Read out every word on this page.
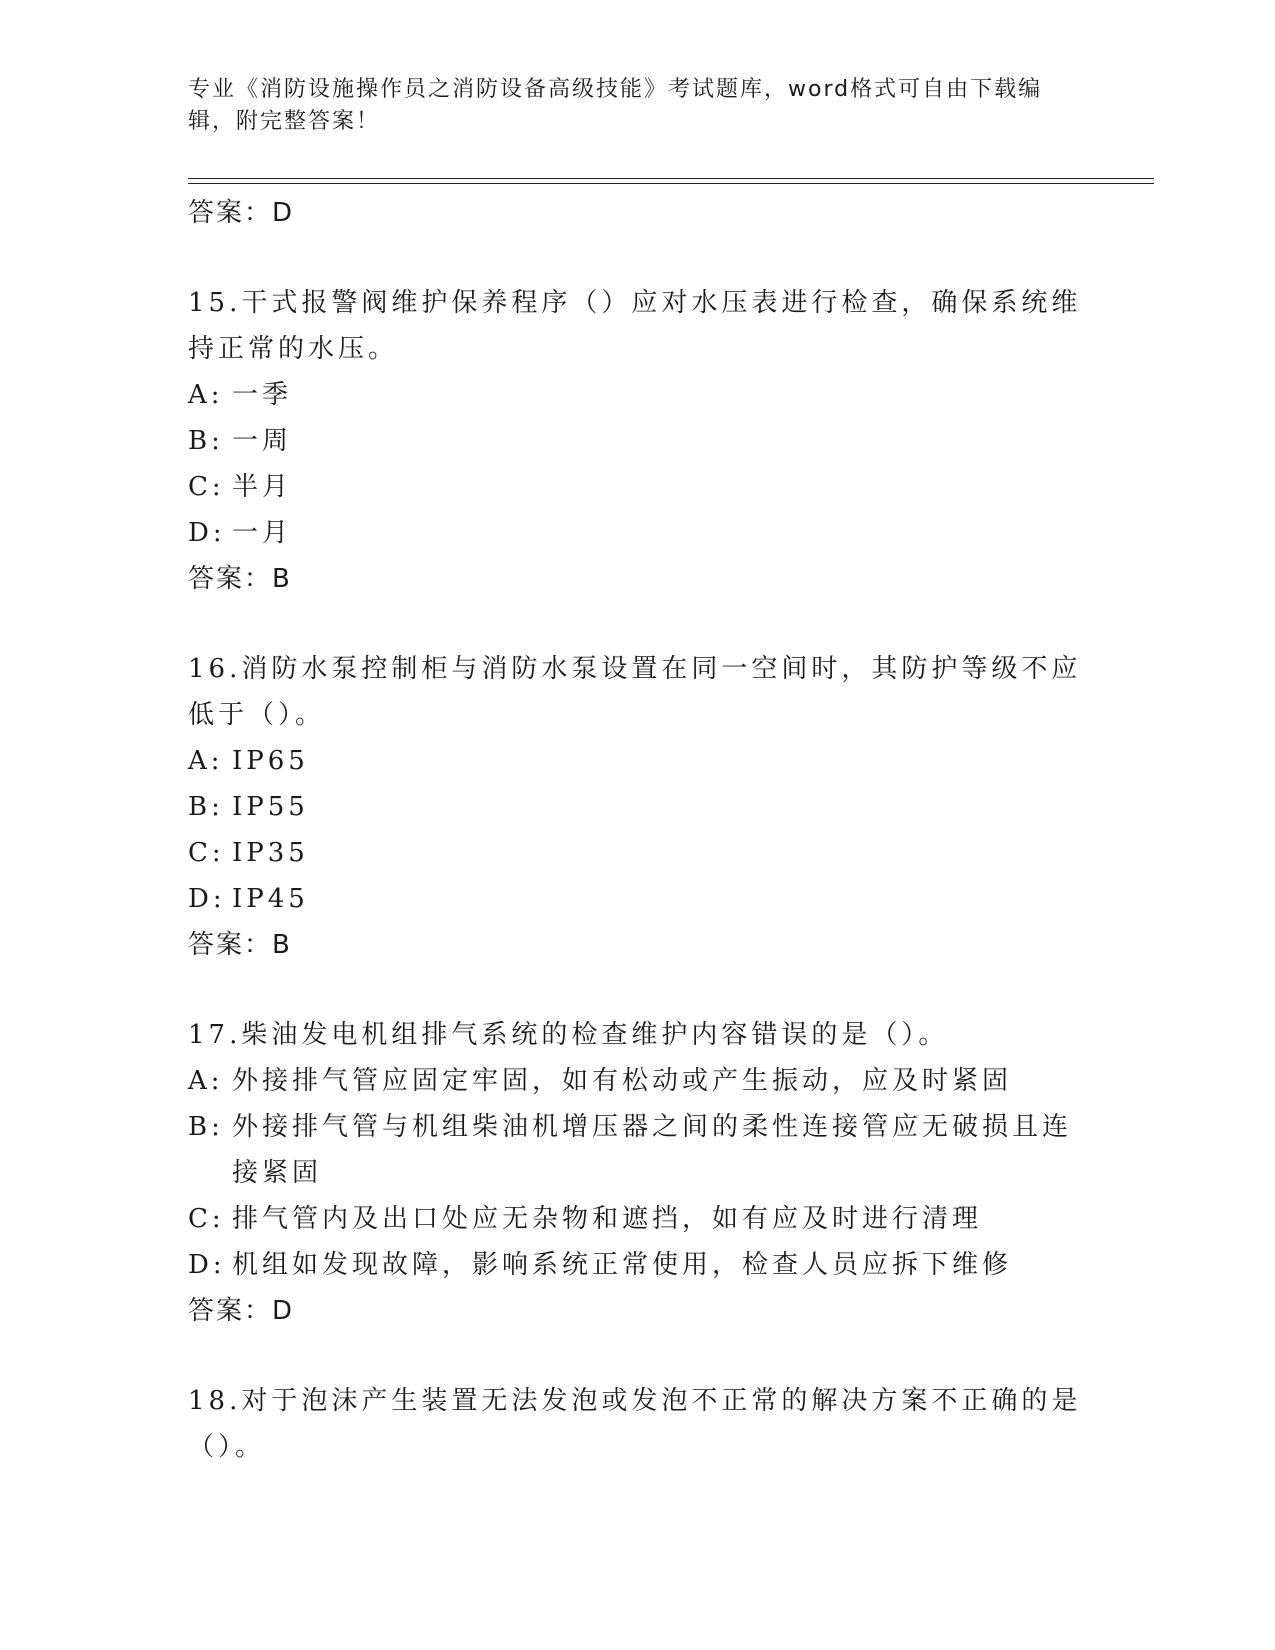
专业《消防设施操作员之消防设备高级技能》考试题库，word格式可自由下载编辑，附完整答案！
答案：D
15.干式报警阀维护保养程序（）应对水压表进行检查，确保系统维持正常的水压。
A: 一季
B: 一周
C: 半月
D: 一月
答案：B
16.消防水泵控制柜与消防水泵设置在同一空间时，其防护等级不应低于（）。
A: IP65
B: IP55
C: IP35
D: IP45
答案：B
17.柴油发电机组排气系统的检查维护内容错误的是（）。
A: 外接排气管应固定牢固，如有松动或产生振动，应及时紧固
B: 外接排气管与机组柴油机增压器之间的柔性连接管应无破损且连接紧固
C: 排气管内及出口处应无杂物和遮挡，如有应及时进行清理
D: 机组如发现故障，影响系统正常使用，检查人员应拆下维修
答案：D
18.对于泡沫产生装置无法发泡或发泡不正常的解决方案不正确的是（）。
